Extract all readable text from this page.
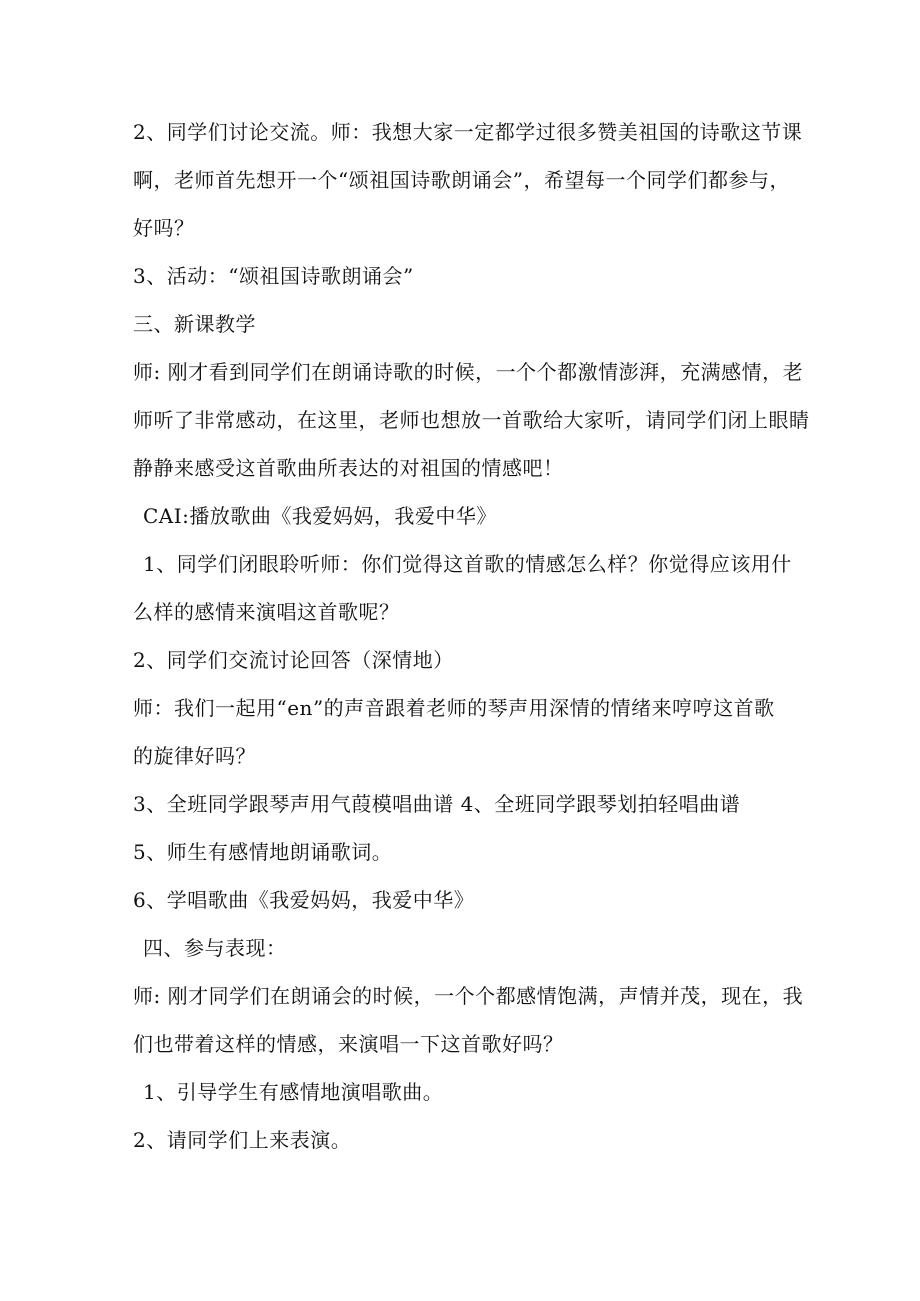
2、同学们讨论交流。师：我想大家一定都学过很多赞美祖国的诗歌这节课
啊，老师首先想开一个“颂祖国诗歌朗诵会”，希望每一个同学们都参与，
好吗？
3、活动：“颂祖国诗歌朗诵会”
三、新课教学
师: 刚才看到同学们在朗诵诗歌的时候，一个个都激情澎湃，充满感情，老
师听了非常感动，在这里，老师也想放一首歌给大家听，请同学们闭上眼睛
静静来感受这首歌曲所表达的对祖国的情感吧！
CAI:播放歌曲《我爱妈妈，我爱中华》
1、同学们闭眼聆听师：你们觉得这首歌的情感怎么样？你觉得应该用什
么样的感情来演唱这首歌呢？
2、同学们交流讨论回答（深情地）
师：我们一起用“en”的声音跟着老师的琴声用深情的情绪来哼哼这首歌
的旋律好吗？
3、全班同学跟琴声用气葭模唱曲谱 4、全班同学跟琴划拍轻唱曲谱
5、师生有感情地朗诵歌词。
6、学唱歌曲《我爱妈妈，我爱中华》
四、参与表现：
师: 刚才同学们在朗诵会的时候，一个个都感情饱满，声情并茂，现在，我
们也带着这样的情感，来演唱一下这首歌好吗？
1、引导学生有感情地演唱歌曲。
2、请同学们上来表演。
